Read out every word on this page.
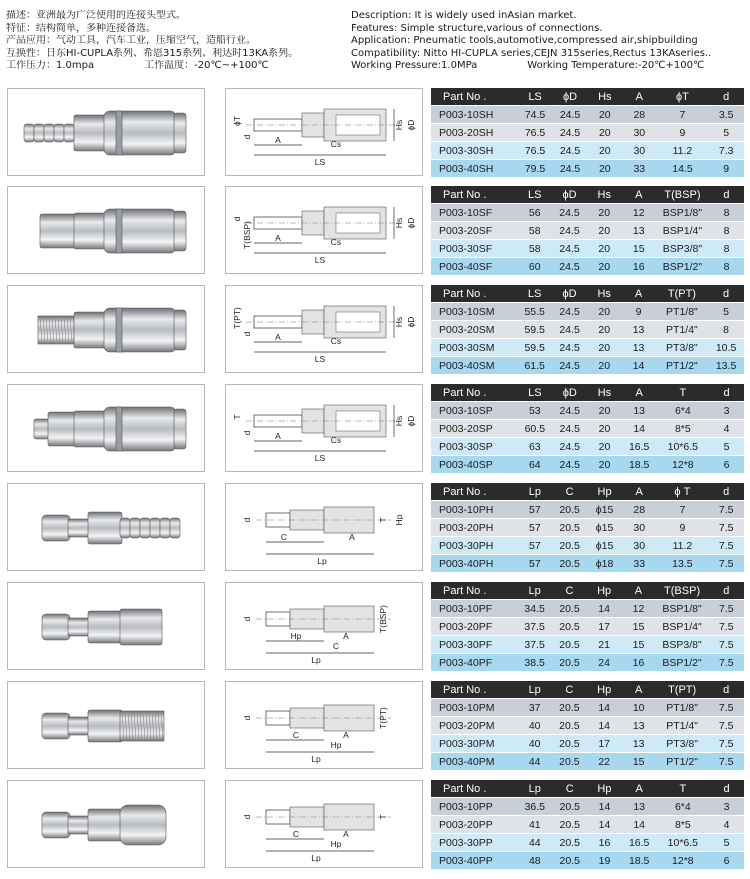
描述：亚洲最为广泛使用的连接头型式。
特征：结构简单，多种连接备选。
产品应用：气动工具，汽车工业，压缩空气，造船行业。
互换性：日东HI-CUPLA系列、希恩315系列、利达时13KA系列。
工作压力：1.0mpa	工作温度：-20℃~+100℃
Description: It is widely used inAsian market.
Features: Simple structure,various of connections.
Application: Pneumatic tools,automotive,compressed air,shipbuilding
Compatibility: Nitto HI-CUPLA series,CEJN 315series,Rectus 13KAseries..
Working Pressure:1.0MPa	Working Temperature:-20℃+100℃
A	Cs
LS
ϕT
d
Hs ϕD
Part No .	LS	ϕD	Hs	A	ϕT	d
P003-10SH	74.5	24.5	20	28	7	3.5
P003-20SH	76.5	24.5	20	30	9	5
P003-30SH	76.5	24.5	20	30	11.2	7.3
P003-40SH	79.5	24.5	20	33	14.5	9
A	Cs
LS
d
T(BSP)	Hs ϕD
Part No .	LS	ϕD	Hs	A	T(BSP)	d
P003-10SF	56	24.5	20	12	BSP1/8"	8
P003-20SF	58	24.5	20	13	BSP1/4"	8
P003-30SF	58	24.5	20	15	BSP3/8"	8
P003-40SF	60	24.5	20	16	BSP1/2"	8
A	Cs
LS
T(PT)
d
Hs ϕD
Part No .	LS	ϕD	Hs	A	T(PT)	d
P003-10SM	55.5	24.5	20	9	PT1/8"	5
P003-20SM	59.5	24.5	20	13	PT1/4"	8
P003-30SM	59.5	24.5	20	13	PT3/8"	10.5
P003-40SM	61.5	24.5	20	14	PT1/2"	13.5
A	Cs
LS
T
d
Hs ϕD
Part No .	LS	ϕD	Hs	A	T	d
P003-10SP	53	24.5	20	13	6*4	3
P003-20SP	60.5	24.5	20	14	8*5	4
P003-30SP	63	24.5	20	16.5	10*6.5	5
P003-40SP	64	24.5	20	18.5	12*8	6
d
C	A
Lp
T Hp
Part No .	Lp	C	Hp	A	ϕ T	d
P003-10PH	57	20.5	ϕ15	28	7	7.5
P003-20PH	57	20.5	ϕ15	30	9	7.5
P003-30PH	57	20.5	ϕ15	30	11.2	7.5
P003-40PH	57	20.5	ϕ18	33	13.5	7.5
d
A
Hp
C
Lp
T(BSP)
Part No .	Lp	C	Hp	A	T(BSP)	d
P003-10PF	34.5	20.5	14	12	BSP1/8"	7.5
P003-20PF	37.5	20.5	17	15	BSP1/4"	7.5
P003-30PF	37.5	20.5	21	15	BSP3/8"	7.5
P003-40PF	38.5	20.5	24	16	BSP1/2"	7.5
d
A
C
Hp
Lp
T(PT)
Part No .	Lp	C	Hp	A	T(PT)	d
P003-10PM	37	20.5	14	10	PT1/8"	7.5
P003-20PM	40	20.5	14	13	PT1/4"	7.5
P003-30PM	40	20.5	17	13	PT3/8"	7.5
P003-40PM	44	20.5	22	15	PT1/2"	7.5
d
A
C
Hp
Lp
T
Part No .	Lp	C	Hp	A	T	d
P003-10PP	36.5	20.5	14	13	6*4	3
P003-20PP	41	20.5	14	14	8*5	4
P003-30PP	44	20.5	16	16.5	10*6.5	5
P003-40PP	48	20.5	19	18.5	12*8	6
